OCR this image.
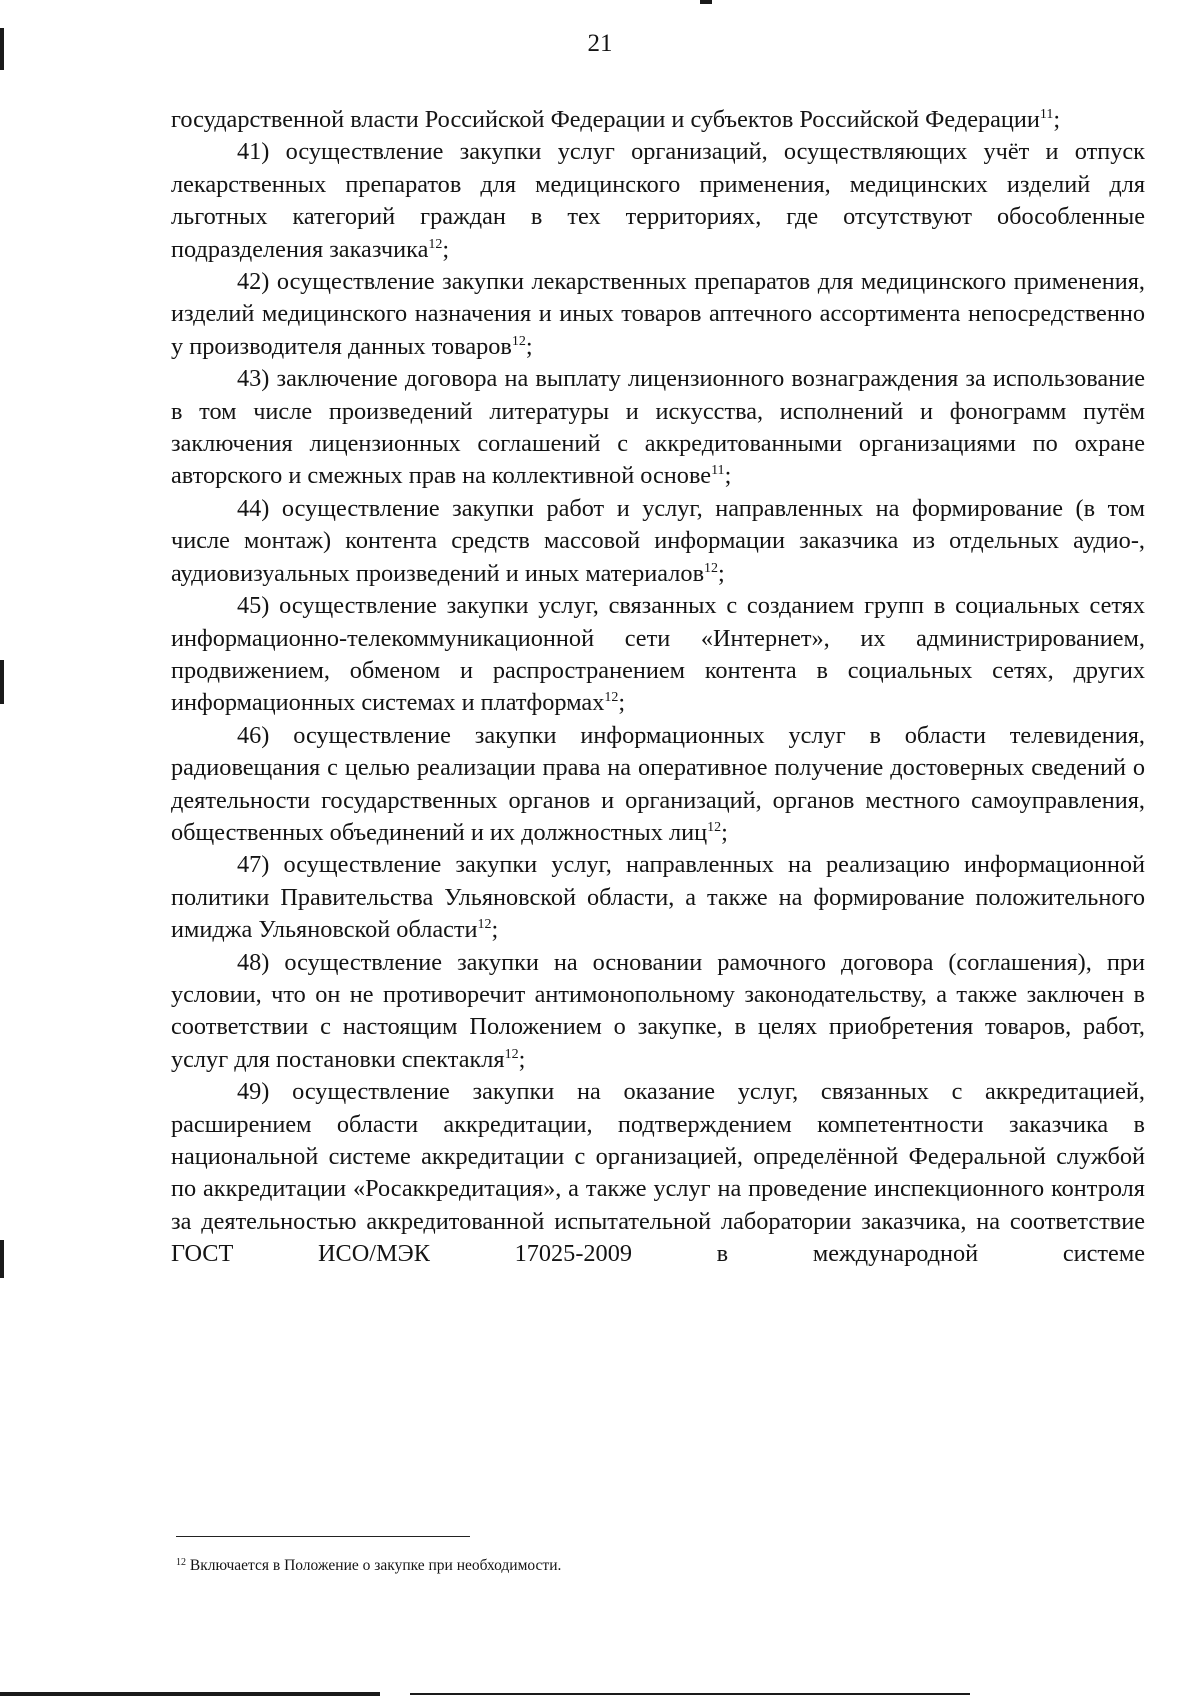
21

государственной власти Российской Федерации и субъектов Российской Федерации$^{11}$;

41) осуществление закупки услуг организаций, осуществляющих учёт и отпуск лекарственных препаратов для медицинского применения, медицинских изделий для льготных категорий граждан в тех территориях, где отсутствуют обособленные подразделения заказчика$^{12}$;

42) осуществление закупки лекарственных препаратов для медицинского применения, изделий медицинского назначения и иных товаров аптечного ассортимента непосредственно у производителя данных товаров$^{12}$;

43) заключение договора на выплату лицензионного вознаграждения за использование в том числе произведений литературы и искусства, исполнений и фонограмм путём заключения лицензионных соглашений с аккредитованными организациями по охране авторского и смежных прав на коллективной основе$^{11}$;

44) осуществление закупки работ и услуг, направленных на формирование (в том числе монтаж) контента средств массовой информации заказчика из отдельных аудио-, аудиовизуальных произведений и иных материалов$^{12}$;

45) осуществление закупки услуг, связанных с созданием групп в социальных сетях информационно-телекоммуникационной сети «Интернет», их администрированием, продвижением, обменом и распространением контента в социальных сетях, других информационных системах и платформах$^{12}$;

46) осуществление закупки информационных услуг в области телевидения, радиовещания с целью реализации права на оперативное получение достоверных сведений о деятельности государственных органов и организаций, органов местного самоуправления, общественных объединений и их должностных лиц$^{12}$;

47) осуществление закупки услуг, направленных на реализацию информационной политики Правительства Ульяновской области, а также на формирование положительного имиджа Ульяновской области$^{12}$;

48) осуществление закупки на основании рамочного договора (соглашения), при условии, что он не противоречит антимонопольному законодательству, а также заключен в соответствии с настоящим Положением о закупке, в целях приобретения товаров, работ, услуг для постановки спектакля$^{12}$;

49) осуществление закупки на оказание услуг, связанных с аккредитацией, расширением области аккредитации, подтверждением компетентности заказчика в национальной системе аккредитации с организацией, определённой Федеральной службой по аккредитации «Росаккредитация», а также услуг на проведение инспекционного контроля за деятельностью аккредитованной испытательной лаборатории заказчика, на соответствие ГОСТ ИСО/МЭК 17025-2009 в международной системе

$^{12}$ Включается в Положение о закупке при необходимости.
